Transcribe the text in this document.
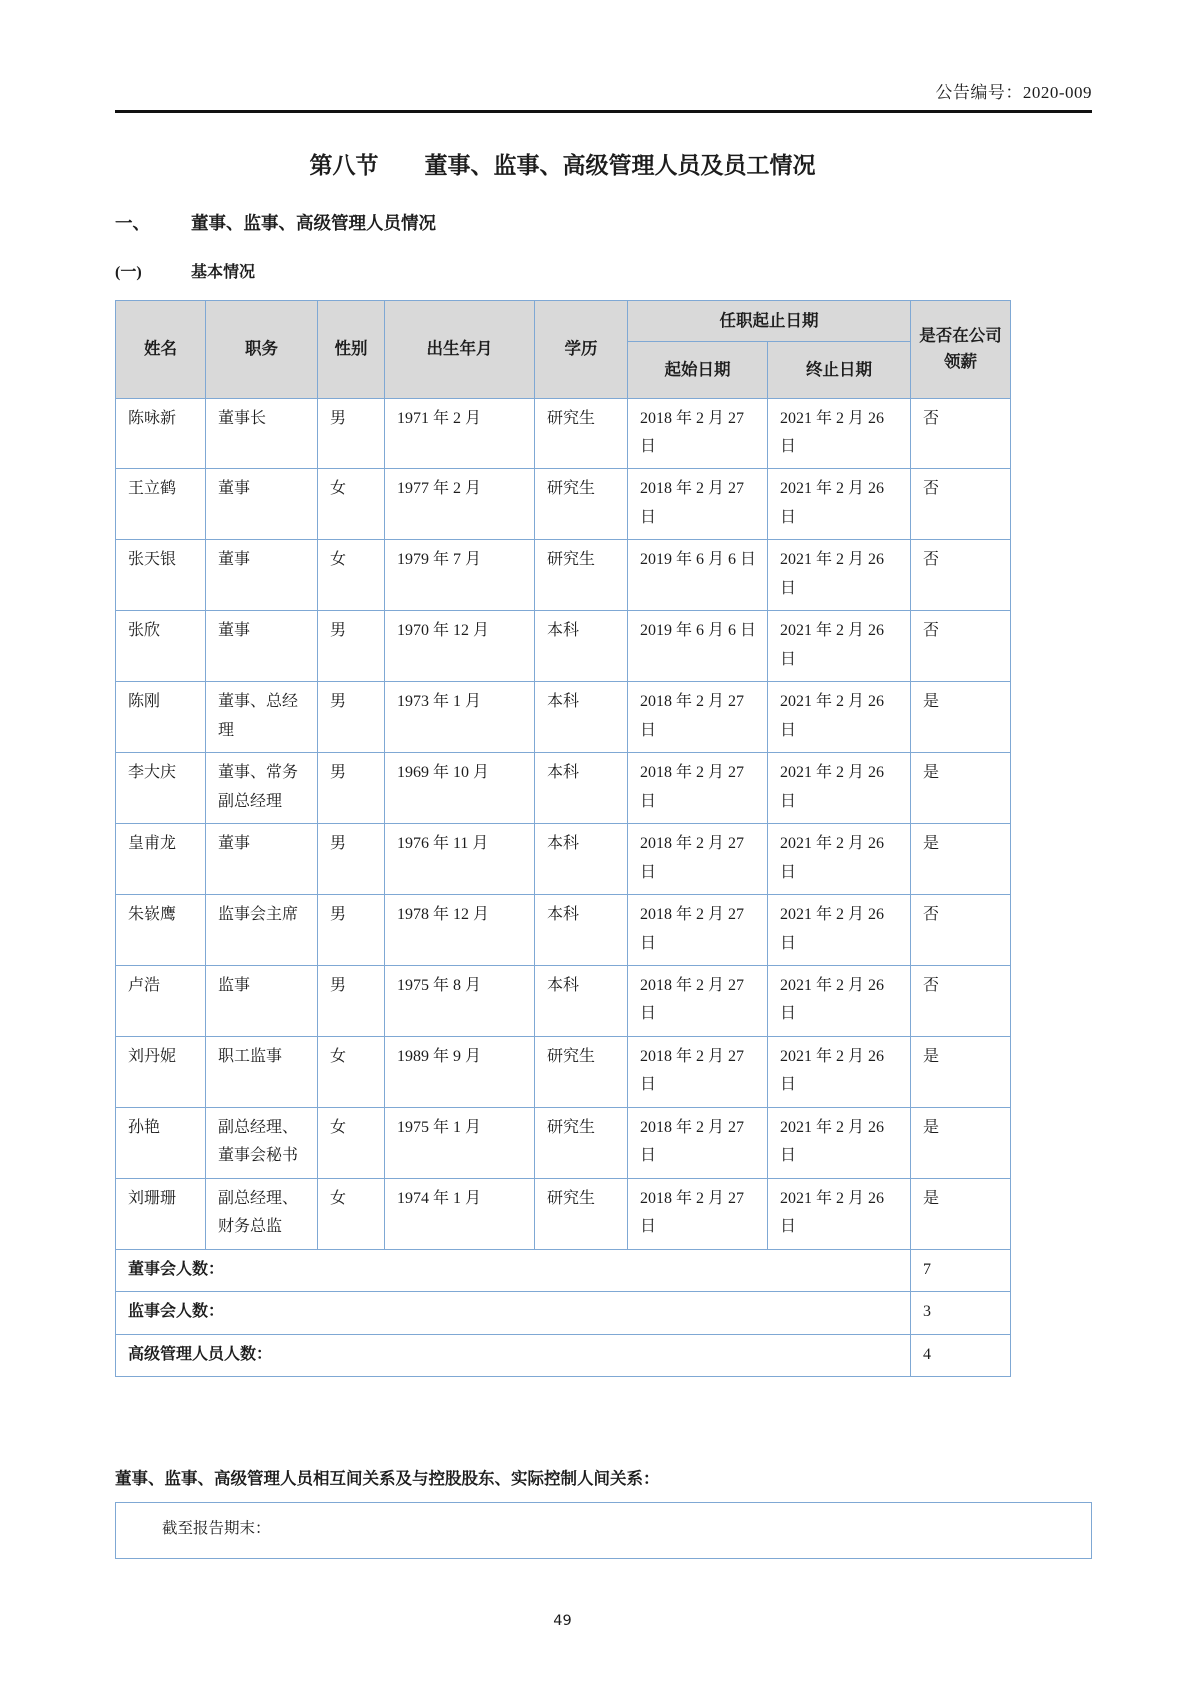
公告编号：2020-009
第八节 董事、监事、高级管理人员及员工情况
一、 董事、监事、高级管理人员情况
(一)	基本情况
姓名	职务	性别	出生年月	学历	任职起止日期		是否在公司领薪
					起始日期	终止日期	
陈咏新	董事长	男	1971 年 2 月	研究生	2018 年 2 月 27 日	2021 年 2 月 26 日	否
王立鹤	董事	女	1977 年 2 月	研究生	2018 年 2 月 27 日	2021 年 2 月 26 日	否
张天银	董事	女	1979 年 7 月	研究生	2019 年 6 月 6 日	2021 年 2 月 26 日	否
张欣	董事	男	1970 年 12 月	本科	2019 年 6 月 6 日	2021 年 2 月 26 日	否
陈刚	董事、总经理	男	1973 年 1 月	本科	2018 年 2 月 27 日	2021 年 2 月 26 日	是
李大庆	董事、常务副总经理	男	1969 年 10 月	本科	2018 年 2 月 27 日	2021 年 2 月 26 日	是
皇甫龙	董事	男	1976 年 11 月	本科	2018 年 2 月 27 日	2021 年 2 月 26 日	是
朱嵚鹰	监事会主席	男	1978 年 12 月	本科	2018 年 2 月 27 日	2021 年 2 月 26 日	否
卢浩	监事	男	1975 年 8 月	本科	2018 年 2 月 27 日	2021 年 2 月 26 日	否
刘丹妮	职工监事	女	1989 年 9 月	研究生	2018 年 2 月 27 日	2021 年 2 月 26 日	是
孙艳	副总经理、董事会秘书	女	1975 年 1 月	研究生	2018 年 2 月 27 日	2021 年 2 月 26 日	是
刘珊珊	副总经理、财务总监	女	1974 年 1 月	研究生	2018 年 2 月 27 日	2021 年 2 月 26 日	是
董事会人数：							7
监事会人数：							3
高级管理人员人数：							4
董事、监事、高级管理人员相互间关系及与控股股东、实际控制人间关系：
截至报告期末：
49
